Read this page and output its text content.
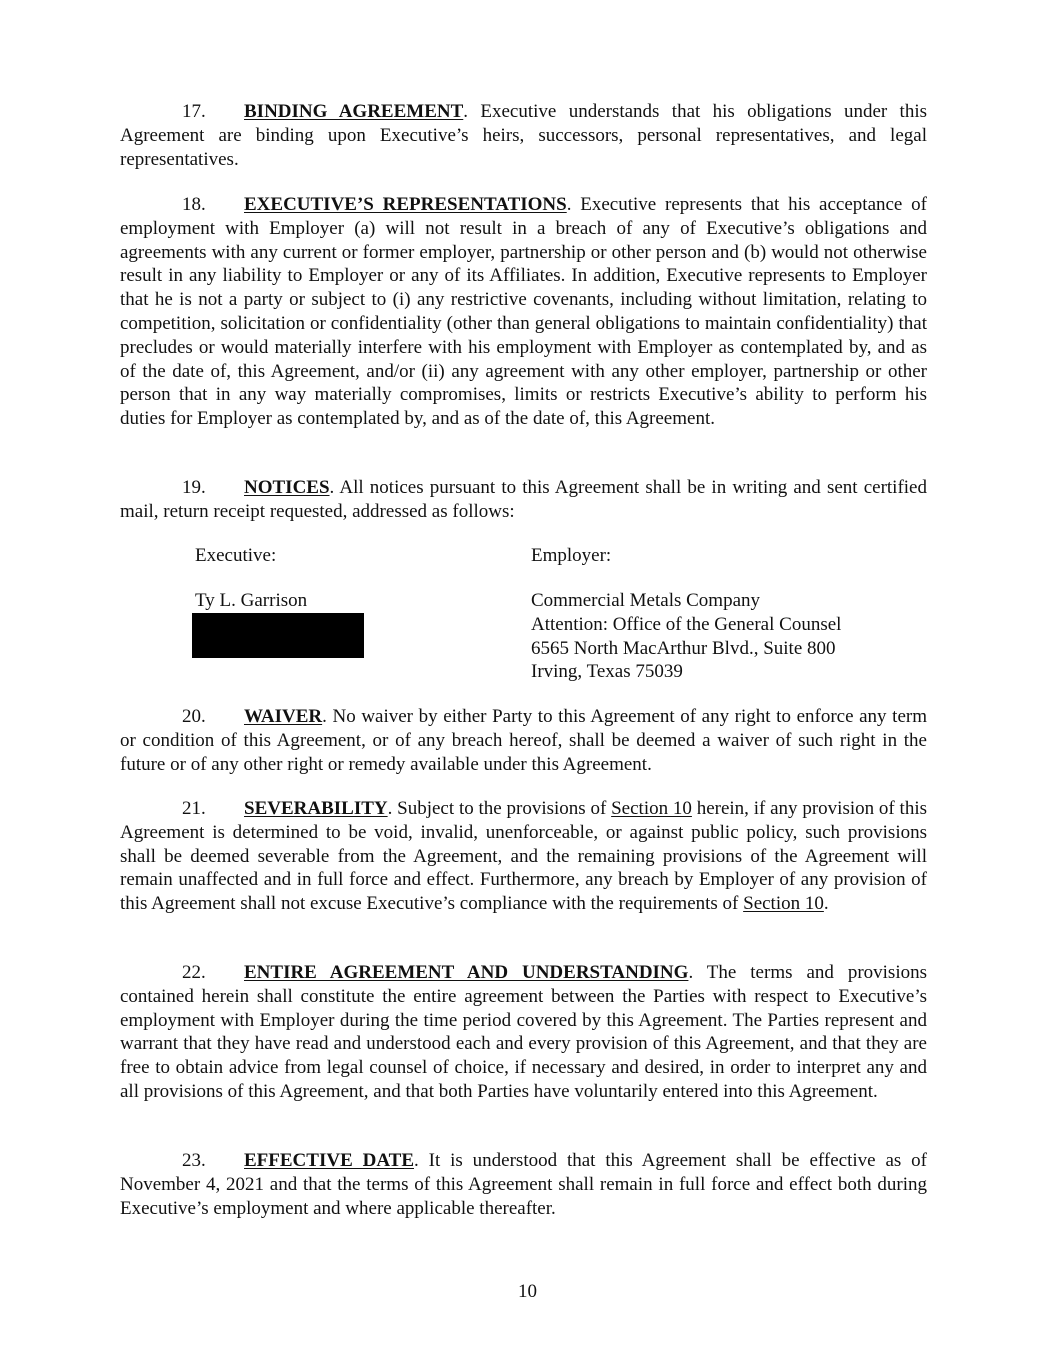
17. BINDING AGREEMENT. Executive understands that his obligations under this Agreement are binding upon Executive’s heirs, successors, personal representatives, and legal representatives.
18. EXECUTIVE’S REPRESENTATIONS. Executive represents that his acceptance of employment with Employer (a) will not result in a breach of any of Executive’s obligations and agreements with any current or former employer, partnership or other person and (b) would not otherwise result in any liability to Employer or any of its Affiliates. In addition, Executive represents to Employer that he is not a party or subject to (i) any restrictive covenants, including without limitation, relating to competition, solicitation or confidentiality (other than general obligations to maintain confidentiality) that precludes or would materially interfere with his employment with Employer as contemplated by, and as of the date of, this Agreement, and/or (ii) any agreement with any other employer, partnership or other person that in any way materially compromises, limits or restricts Executive’s ability to perform his duties for Employer as contemplated by, and as of the date of, this Agreement.
19. NOTICES. All notices pursuant to this Agreement shall be in writing and sent certified mail, return receipt requested, addressed as follows:
Executive:	Employer:
Ty L. Garrison	Commercial Metals Company
Attention: Office of the General Counsel
6565 North MacArthur Blvd., Suite 800
Irving, Texas 75039
20. WAIVER. No waiver by either Party to this Agreement of any right to enforce any term or condition of this Agreement, or of any breach hereof, shall be deemed a waiver of such right in the future or of any other right or remedy available under this Agreement.
21. SEVERABILITY. Subject to the provisions of Section 10 herein, if any provision of this Agreement is determined to be void, invalid, unenforceable, or against public policy, such provisions shall be deemed severable from the Agreement, and the remaining provisions of the Agreement will remain unaffected and in full force and effect. Furthermore, any breach by Employer of any provision of this Agreement shall not excuse Executive’s compliance with the requirements of Section 10.
22. ENTIRE AGREEMENT AND UNDERSTANDING. The terms and provisions contained herein shall constitute the entire agreement between the Parties with respect to Executive’s employment with Employer during the time period covered by this Agreement. The Parties represent and warrant that they have read and understood each and every provision of this Agreement, and that they are free to obtain advice from legal counsel of choice, if necessary and desired, in order to interpret any and all provisions of this Agreement, and that both Parties have voluntarily entered into this Agreement.
23. EFFECTIVE DATE. It is understood that this Agreement shall be effective as of November 4, 2021 and that the terms of this Agreement shall remain in full force and effect both during Executive’s employment and where applicable thereafter.
10
